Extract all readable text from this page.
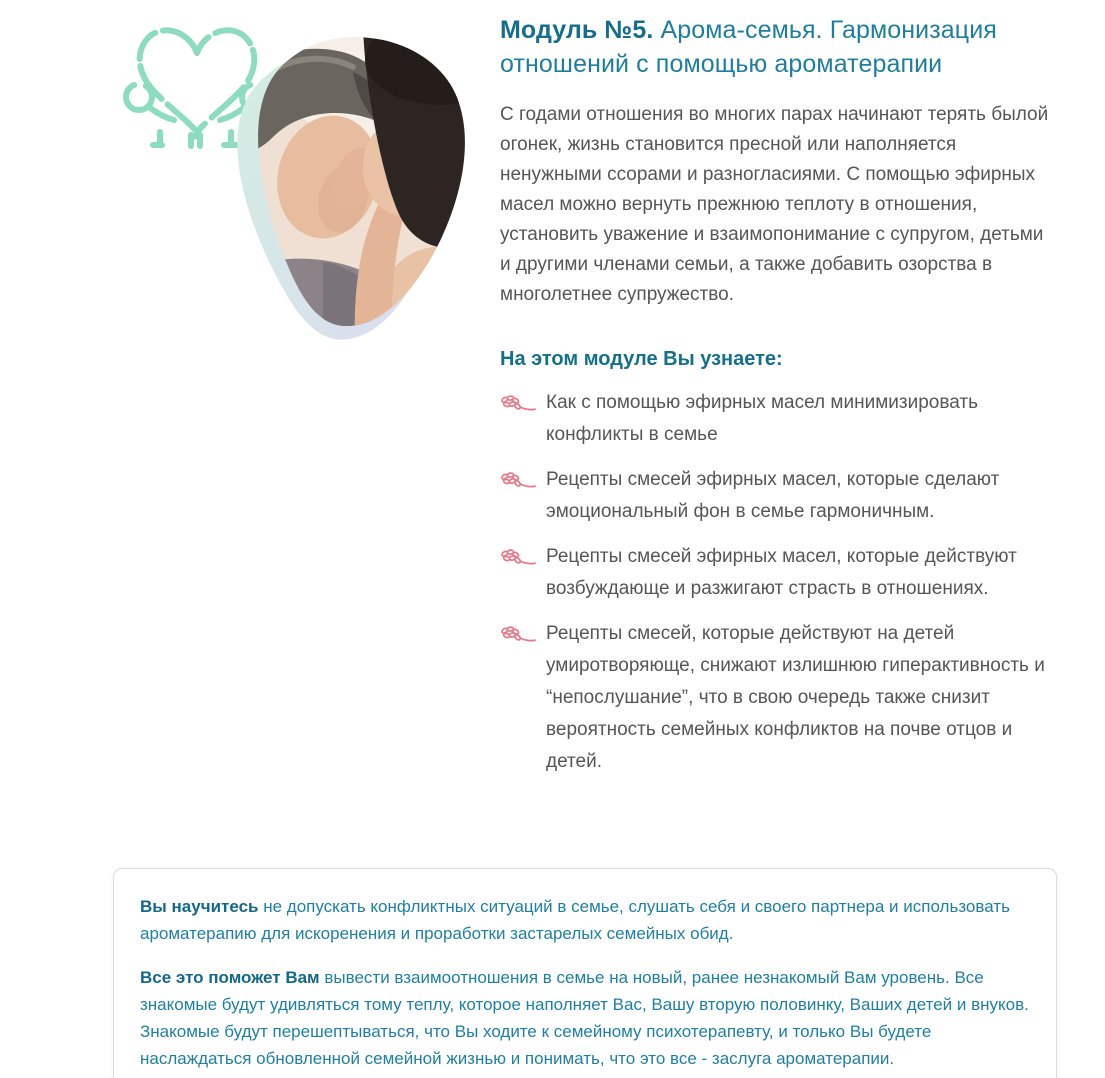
Модуль №5. Арома-семья. Гармонизация отношений с помощью ароматерапии

С годами отношения во многих парах начинают терять былой огонек, жизнь становится пресной или наполняется ненужными ссорами и разногласиями. С помощью эфирных масел можно вернуть прежнюю теплоту в отношения, установить уважение и взаимопонимание с супругом, детьми и другими членами семьи, а также добавить озорства в многолетнее супружество.

На этом модуле Вы узнаете:
Как с помощью эфирных масел минимизировать конфликты в семье
Рецепты смесей эфирных масел, которые сделают эмоциональный фон в семье гармоничным.
Рецепты смесей эфирных масел, которые действуют возбуждающе и разжигают страсть в отношениях.
Рецепты смесей, которые действуют на детей умиротворяюще, снижают излишнюю гиперактивность и “непослушание”, что в свою очередь также снизит вероятность семейных конфликтов на почве отцов и детей.

Вы научитесь не допускать конфликтных ситуаций в семье, слушать себя и своего партнера и использовать ароматерапию для искоренения и проработки застарелых семейных обид.

Все это поможет Вам вывести взаимоотношения в семье на новый, ранее незнакомый Вам уровень. Все знакомые будут удивляться тому теплу, которое наполняет Вас, Вашу вторую половинку, Ваших детей и внуков. Знакомые будут перешептываться, что Вы ходите к семейному психотерапевту, и только Вы будете наслаждаться обновленной семейной жизнью и понимать, что это все - заслуга ароматерапии.
